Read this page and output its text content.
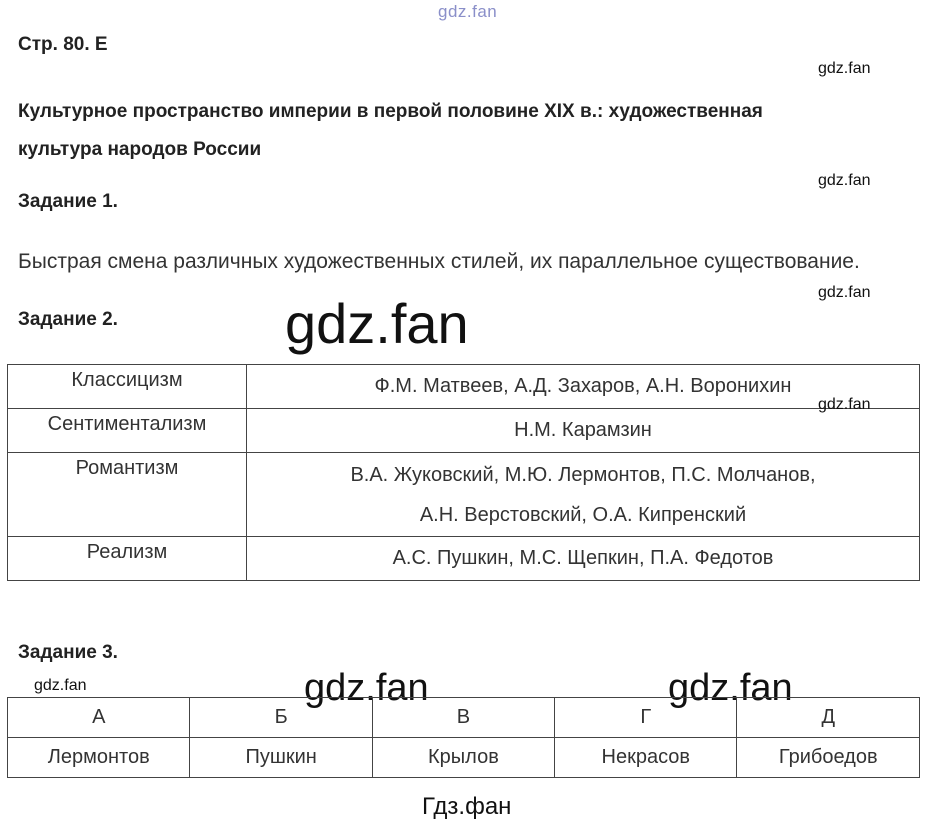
gdz.fan
Стр. 80. Е
gdz.fan
Культурное пространство империи в первой половине XIX в.: художественная
культура народов России
gdz.fan
Задание 1.
Быстрая смена различных художественных стилей, их параллельное существование.
gdz.fan
Задание 2.	gdz.fan
Классицизм	Ф.М. Матвеев, А.Д. Захаров, А.Н. Воронихин
Сентиментализм	Н.М. Карамзин
Романтизм	В.А. Жуковский, М.Ю. Лермонтов, П.С. Молчанов,
А.Н. Верстовский, О.А. Кипренский

Реализм	А.С. Пушкин, М.С. Щепкин, П.А. Федотов
gdz.fan
Задание 3.
gdz.fan	gdz.fan	gdz.fan
А	Б	В	Г	Д
Лермонтов	Пушкин	Крылов	Некрасов	Грибоедов
Гдз.фан
